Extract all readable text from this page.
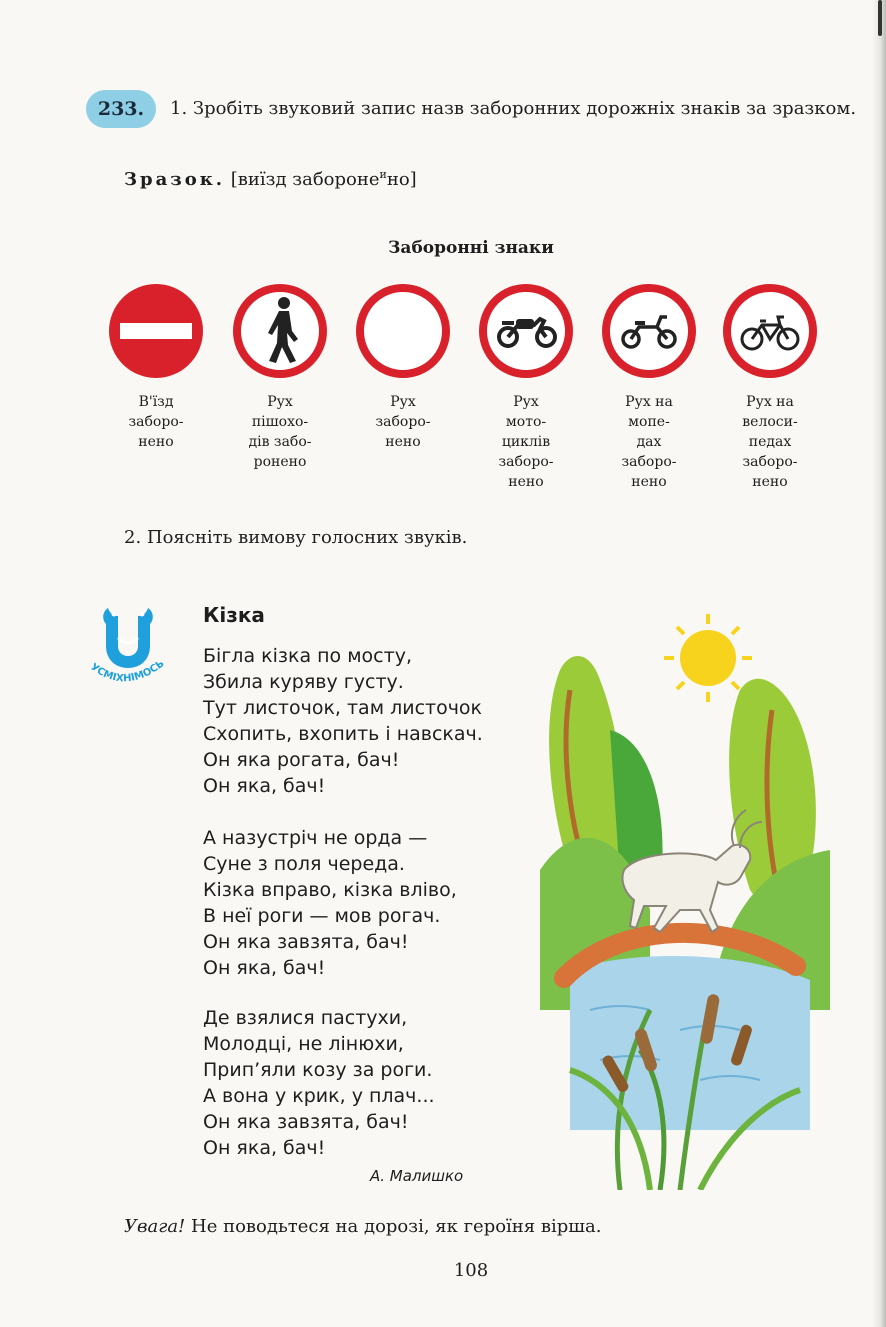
233.	1. Зробіть звуковий запис назв заборонних дорожніх знаків за зразком.
Зразок. [виїзд заборонe$^и$но]
Заборонні знаки
В'їзд
заборо-
нено
Рух
пішохо-
дів забо-
ронено
Рух
заборо-
нено
Рух
мото-
циклів
заборо-
нено
Рух на
мопе-
дах
заборо-
нено
Рух на
велоси-
педах
заборо-
нено
2. Поясніть вимову голосних звуків.
УСМІХНІМОСЬ
Кізка
Бігла кізка по мосту,
Збила куряву густу.
Тут листочок, там листочок
Схопить, вхопить і навскач.
Он яка рогата, бач!
Он яка, бач!
А назустріч не орда —
Суне з поля череда.
Кізка вправо, кізка вліво,
В неї роги — мов рогач.
Он яка завзята, бач!
Он яка, бач!
Де взялися пастухи,
Молодці, не лінюхи,
Прип’яли козу за роги.
А вона у крик, у плач...
Он яка завзята, бач!
Он яка, бач!
А. Малишко
Увага! Не поводьтеся на дорозі, як героїня вірша.
108
